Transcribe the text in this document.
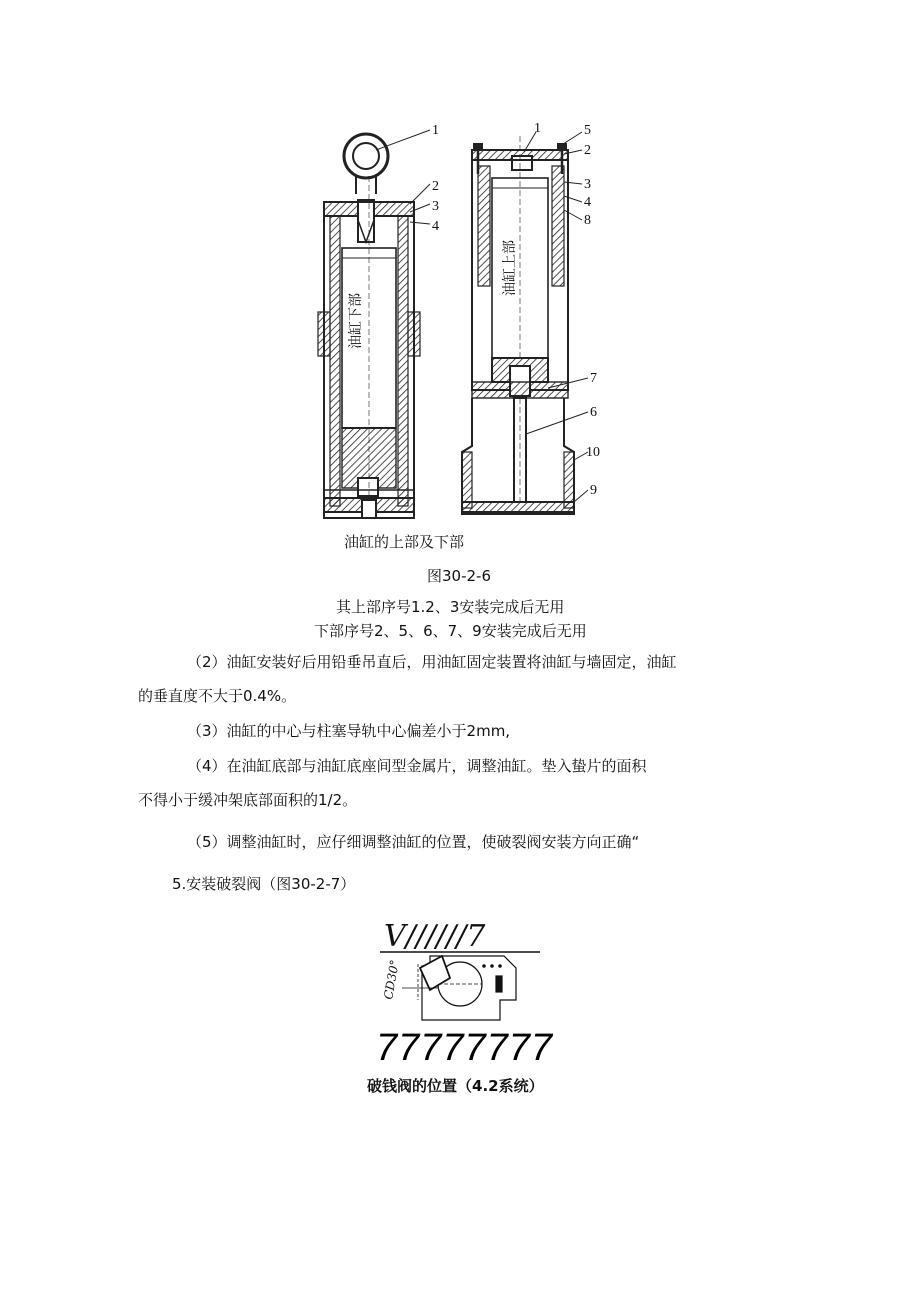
油缸下部
油缸上部
1
2
3
4
1	5
2
3
4
8
7
6
10
9
油缸的上部及下部
图30-2-6
其上部序号1.2、3安装完成后无用
下部序号2、5、6、7、9安装完成后无用
（2）油缸安装好后用铅垂吊直后，用油缸固定装置将油缸与墙固定，油缸
的垂直度不大于0.4%。
（3）油缸的中心与柱塞导轨中心偏差小于2mm,
（4）在油缸底部与油缸底座间型金属片，调整油缸。垫入蛰片的面积
不得小于缓冲架底部面积的1/2。
（5）调整油缸时，应仔细调整油缸的位置，使破裂阀安装方向正确“
5.安装破裂阀（图30-2-7）
V//////7
CD30°
77777777
破钱阀的位置（4.2系统）
